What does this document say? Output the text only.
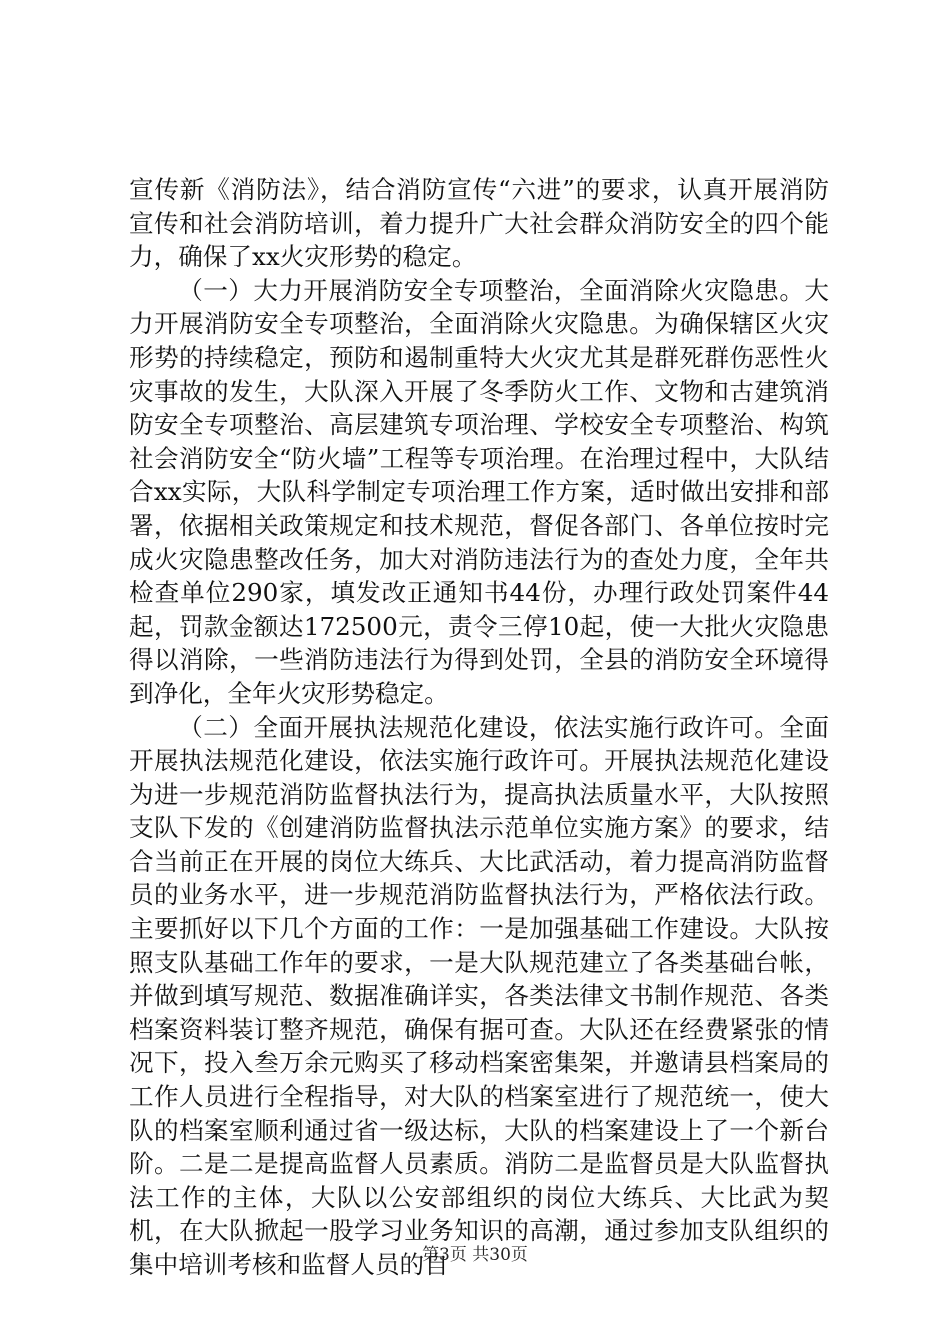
宣传新《消防法》，结合消防宣传“六进”的要求，认真开展消防宣传和社会消防培训，着力提升广大社会群众消防安全的四个能力，确保了xx火灾形势的稳定。

（一）大力开展消防安全专项整治，全面消除火灾隐患。大力开展消防安全专项整治，全面消除火灾隐患。为确保辖区火灾形势的持续稳定，预防和遏制重特大火灾尤其是群死群伤恶性火灾事故的发生，大队深入开展了冬季防火工作、文物和古建筑消防安全专项整治、高层建筑专项治理、学校安全专项整治、构筑社会消防安全“防火墙”工程等专项治理。在治理过程中，大队结合xx实际，大队科学制定专项治理工作方案，适时做出安排和部署，依据相关政策规定和技术规范，督促各部门、各单位按时完成火灾隐患整改任务，加大对消防违法行为的查处力度，全年共检查单位290家，填发改正通知书44份，办理行政处罚案件44起，罚款金额达172500元，责令三停10起，使一大批火灾隐患得以消除，一些消防违法行为得到处罚，全县的消防安全环境得到净化，全年火灾形势稳定。

（二）全面开展执法规范化建设，依法实施行政许可。全面开展执法规范化建设，依法实施行政许可。开展执法规范化建设为进一步规范消防监督执法行为，提高执法质量水平，大队按照支队下发的《创建消防监督执法示范单位实施方案》的要求，结合当前正在开展的岗位大练兵、大比武活动，着力提高消防监督员的业务水平，进一步规范消防监督执法行为，严格依法行政。主要抓好以下几个方面的工作：一是加强基础工作建设。大队按照支队基础工作年的要求，一是大队规范建立了各类基础台帐，并做到填写规范、数据准确详实，各类法律文书制作规范、各类档案资料装订整齐规范，确保有据可查。大队还在经费紧张的情况下，投入叁万余元购买了移动档案密集架，并邀请县档案局的工作人员进行全程指导，对大队的档案室进行了规范统一，使大队的档案室顺利通过省一级达标，大队的档案建设上了一个新台阶。二是二是提高监督人员素质。消防二是监督员是大队监督执法工作的主体，大队以公安部组织的岗位大练兵、大比武为契机，在大队掀起一股学习业务知识的高潮，通过参加支队组织的集中培训考核和监督人员的自

第3页 共30页
